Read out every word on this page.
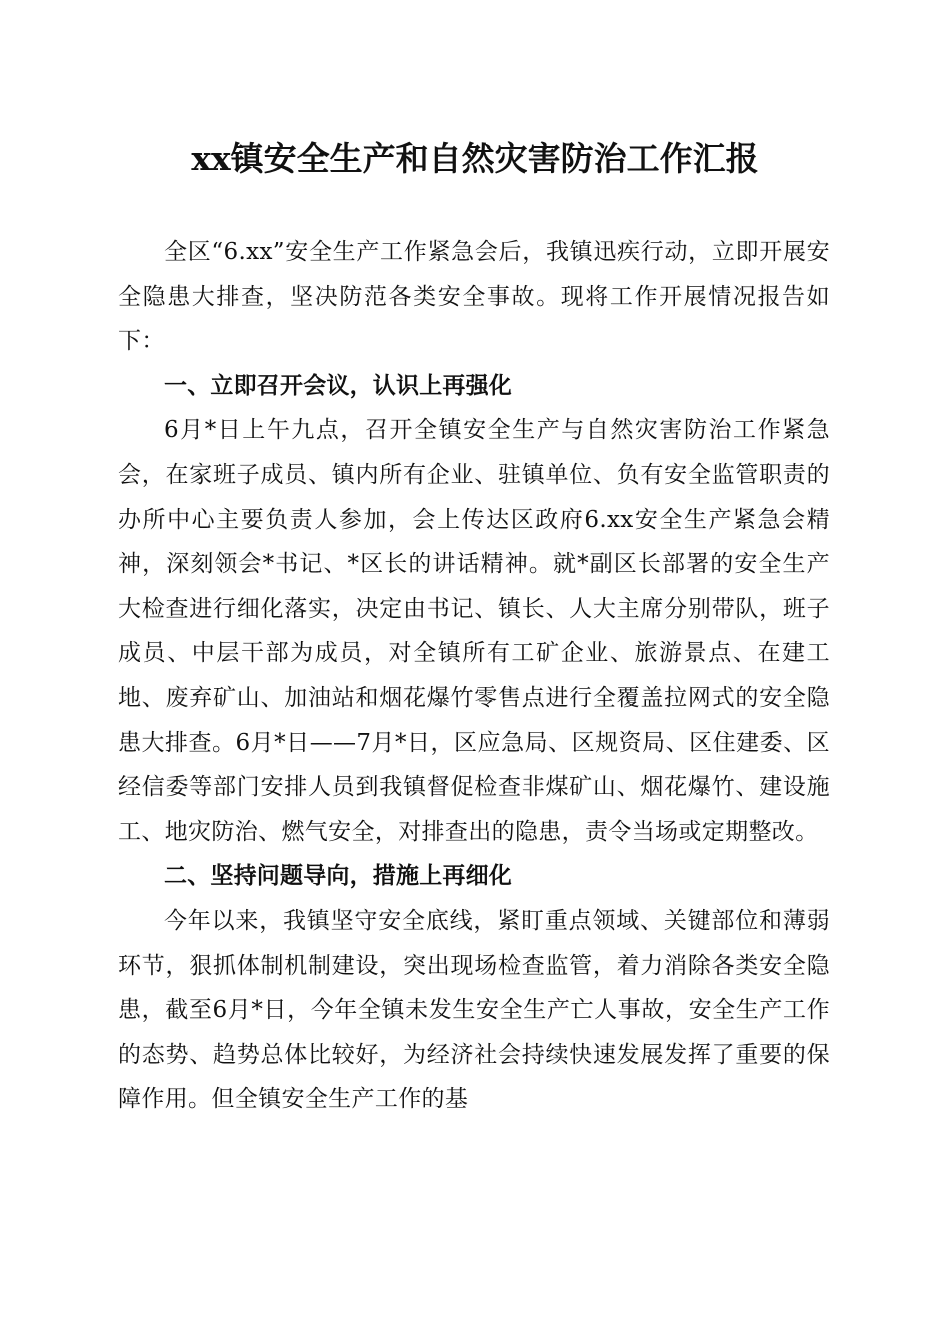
xx镇安全生产和自然灾害防治工作汇报

全区“6.xx”安全生产工作紧急会后，我镇迅疾行动，立即开展安全隐患大排查，坚决防范各类安全事故。现将工作开展情况报告如下：

一、立即召开会议，认识上再强化

6月*日上午九点，召开全镇安全生产与自然灾害防治工作紧急会，在家班子成员、镇内所有企业、驻镇单位、负有安全监管职责的办所中心主要负责人参加，会上传达区政府6.xx安全生产紧急会精神，深刻领会*书记、*区长的讲话精神。就*副区长部署的安全生产大检查进行细化落实，决定由书记、镇长、人大主席分别带队，班子成员、中层干部为成员，对全镇所有工矿企业、旅游景点、在建工地、废弃矿山、加油站和烟花爆竹零售点进行全覆盖拉网式的安全隐患大排查。6月*日——7月*日，区应急局、区规资局、区住建委、区经信委等部门安排人员到我镇督促检查非煤矿山、烟花爆竹、建设施工、地灾防治、燃气安全，对排查出的隐患，责令当场或定期整改。

二、坚持问题导向，措施上再细化

今年以来，我镇坚守安全底线，紧盯重点领域、关键部位和薄弱环节，狠抓体制机制建设，突出现场检查监管，着力消除各类安全隐患，截至6月*日，今年全镇未发生安全生产亡人事故，安全生产工作的态势、趋势总体比较好，为经济社会持续快速发展发挥了重要的保障作用。但全镇安全生产工作的基
